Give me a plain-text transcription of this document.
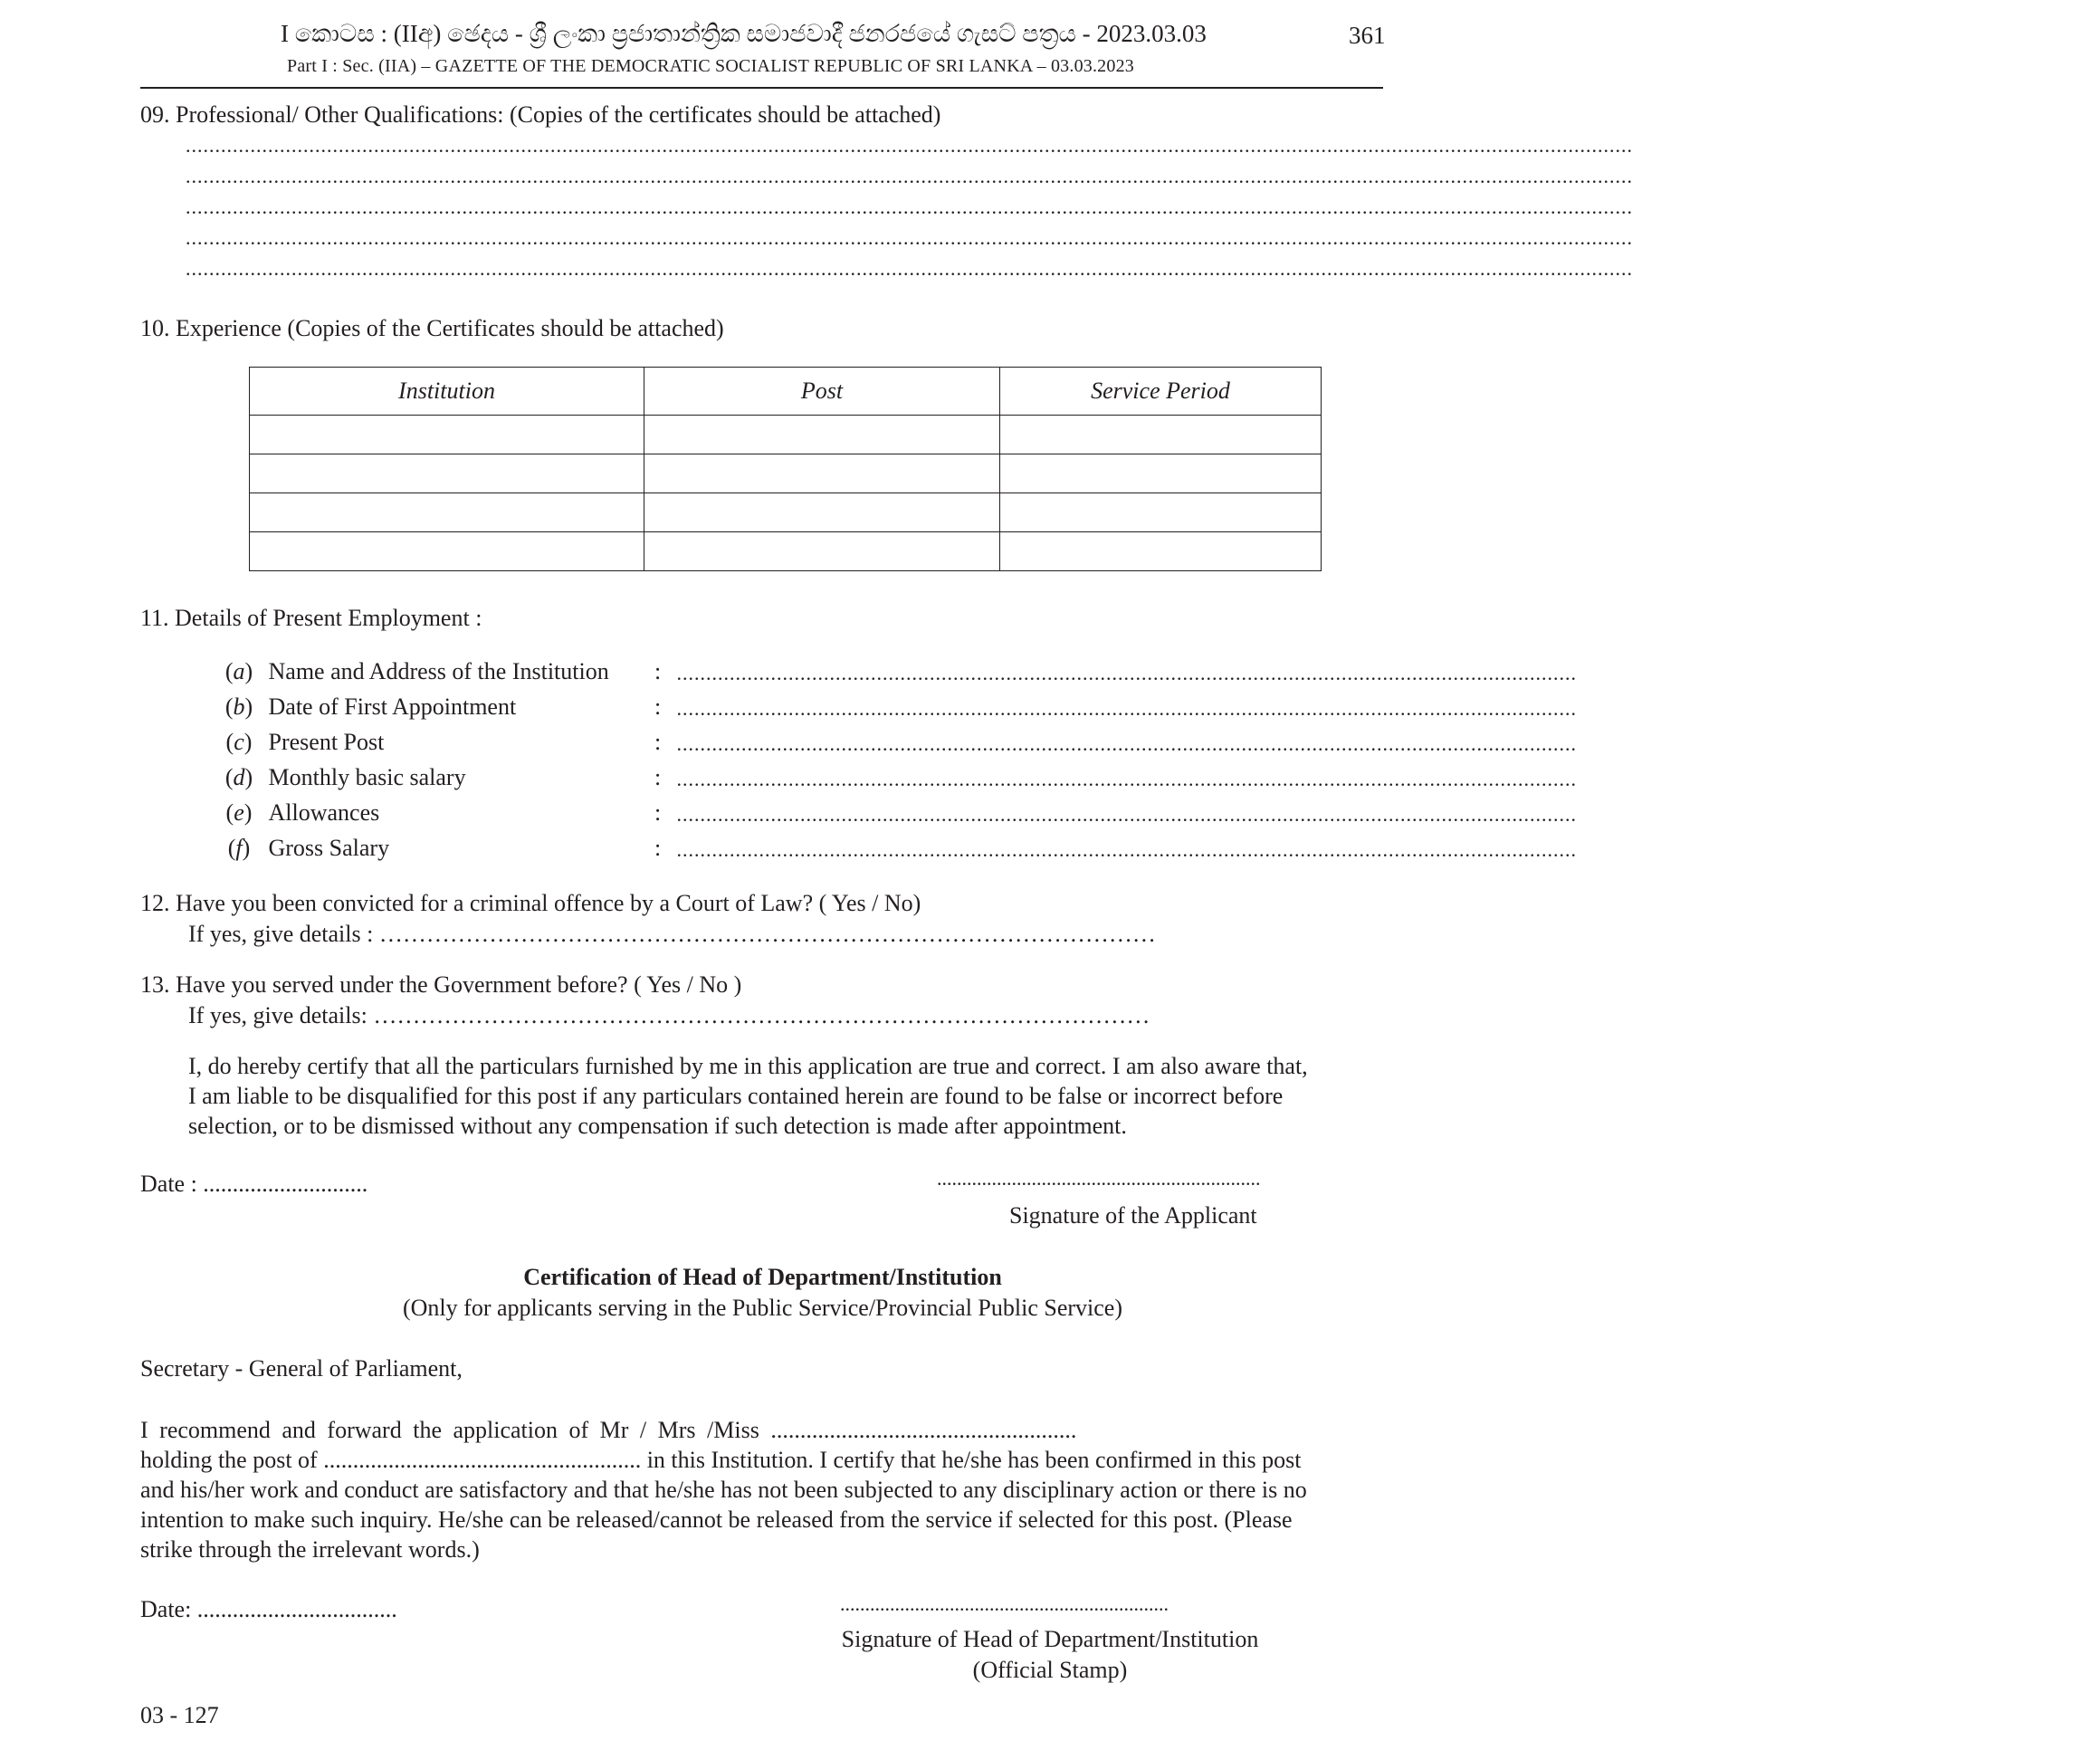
I කොටස : (IIඅ) ඡෙදය - ශ්‍රී ලංකා ප්‍රජාතාන්ත්‍රික සමාජවාදී ජනරජයේ ගැසට් පත්‍රය - 2023.03.03
Part I : Sec. (IIA) – GAZETTE OF THE DEMOCRATIC SOCIALIST REPUBLIC OF SRI LANKA – 03.03.2023
361
09. Professional/ Other Qualifications: (Copies of the certificates should be attached)
......................................................................................................................................................................................................................................................
......................................................................................................................................................................................................................................................
......................................................................................................................................................................................................................................................
......................................................................................................................................................................................................................................................
......................................................................................................................................................................................................................................................
10. Experience (Copies of the Certificates should be attached)
Institution	Post	Service Period

11. Details of Present Employment :
(a) Name and Address of the Institution : .........................................................................................................................................................
(b) Date of First Appointment	: .........................................................................................................................................................
(c) Present Post	: .........................................................................................................................................................
(d) Monthly basic salary	: .........................................................................................................................................................
(e) Allowances	: .........................................................................................................................................................
(f) Gross Salary	: .........................................................................................................................................................
12. Have you been convicted for a criminal offence by a Court of Law? ( Yes / No)
If yes, give details : ………………………………………………………………………………………
13. Have you served under the Government before? ( Yes / No )
If yes, give details: ………………………………………………………………………………………
I, do hereby certify that all the particulars furnished by me in this application are true and correct. I am also aware that,
I am liable to be disqualified for this post if any particulars contained herein are found to be false or incorrect before
selection, or to be dismissed without any compensation if such detection is made after appointment.
Date : ............................	.................................................................
Signature of the Applicant
Certification of Head of Department/Institution
(Only for applicants serving in the Public Service/Provincial Public Service)
Secretary - General of Parliament,
I recommend and forward the application of Mr / Mrs /Miss ....................................................
holding the post of ...................................................... in this Institution. I certify that he/she has been confirmed in this post
and his/her work and conduct are satisfactory and that he/she has not been subjected to any disciplinary action or there is no
intention to make such inquiry. He/she can be released/cannot be released from the service if selected for this post. (Please
strike through the irrelevant words.)
Date: ..................................	..................................................................
Signature of Head of Department/Institution
(Official Stamp)
03 - 127
